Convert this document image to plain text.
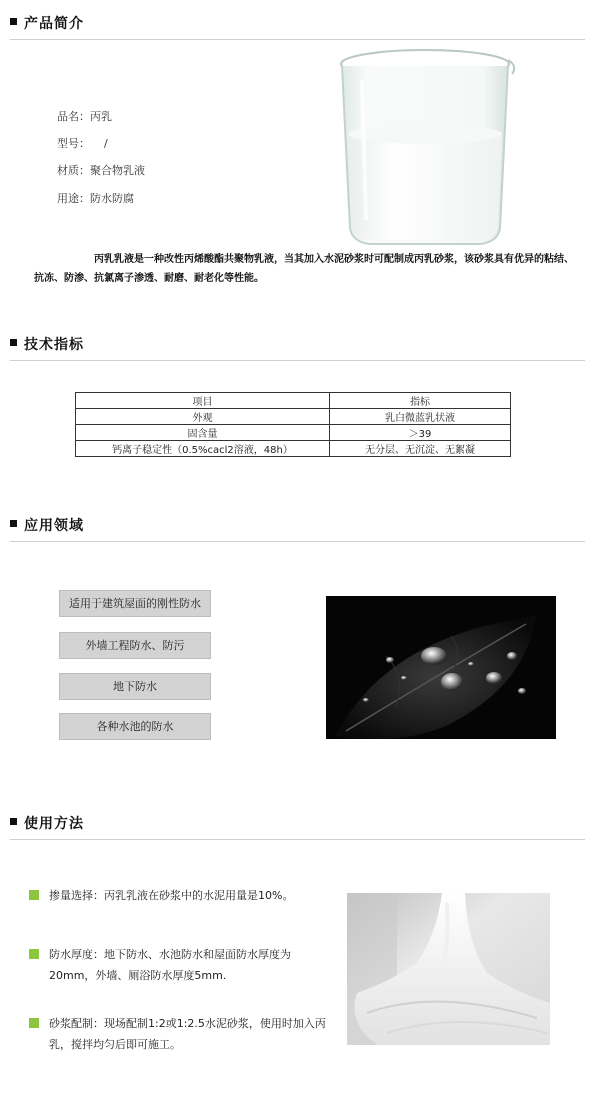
产品简介
品名：丙乳
型号： /
材质：聚合物乳液
用途：防水防腐
丙乳乳液是一种改性丙烯酸酯共聚物乳液，当其加入水泥砂浆时可配制成丙乳砂浆，该砂浆具有优异的粘结、抗冻、防渗、抗氯离子渗透、耐磨、耐老化等性能。
技术指标
项目	指标
外观	乳白微蓝乳状液
固含量	＞39
钙离子稳定性（0.5%cacl2溶液，48h）	无分层、无沉淀、无絮凝
应用领域
适用于建筑屋面的刚性防水
外墙工程防水、防污
地下防水
各种水池的防水
使用方法
掺量选择：丙乳乳液在砂浆中的水泥用量是10%。
防水厚度：地下防水、水池防水和屋面防水厚度为20mm，外墙、厕浴防水厚度5mm.
砂浆配制：现场配制1:2或1:2.5水泥砂浆，使用时加入丙乳，搅拌均匀后即可施工。
